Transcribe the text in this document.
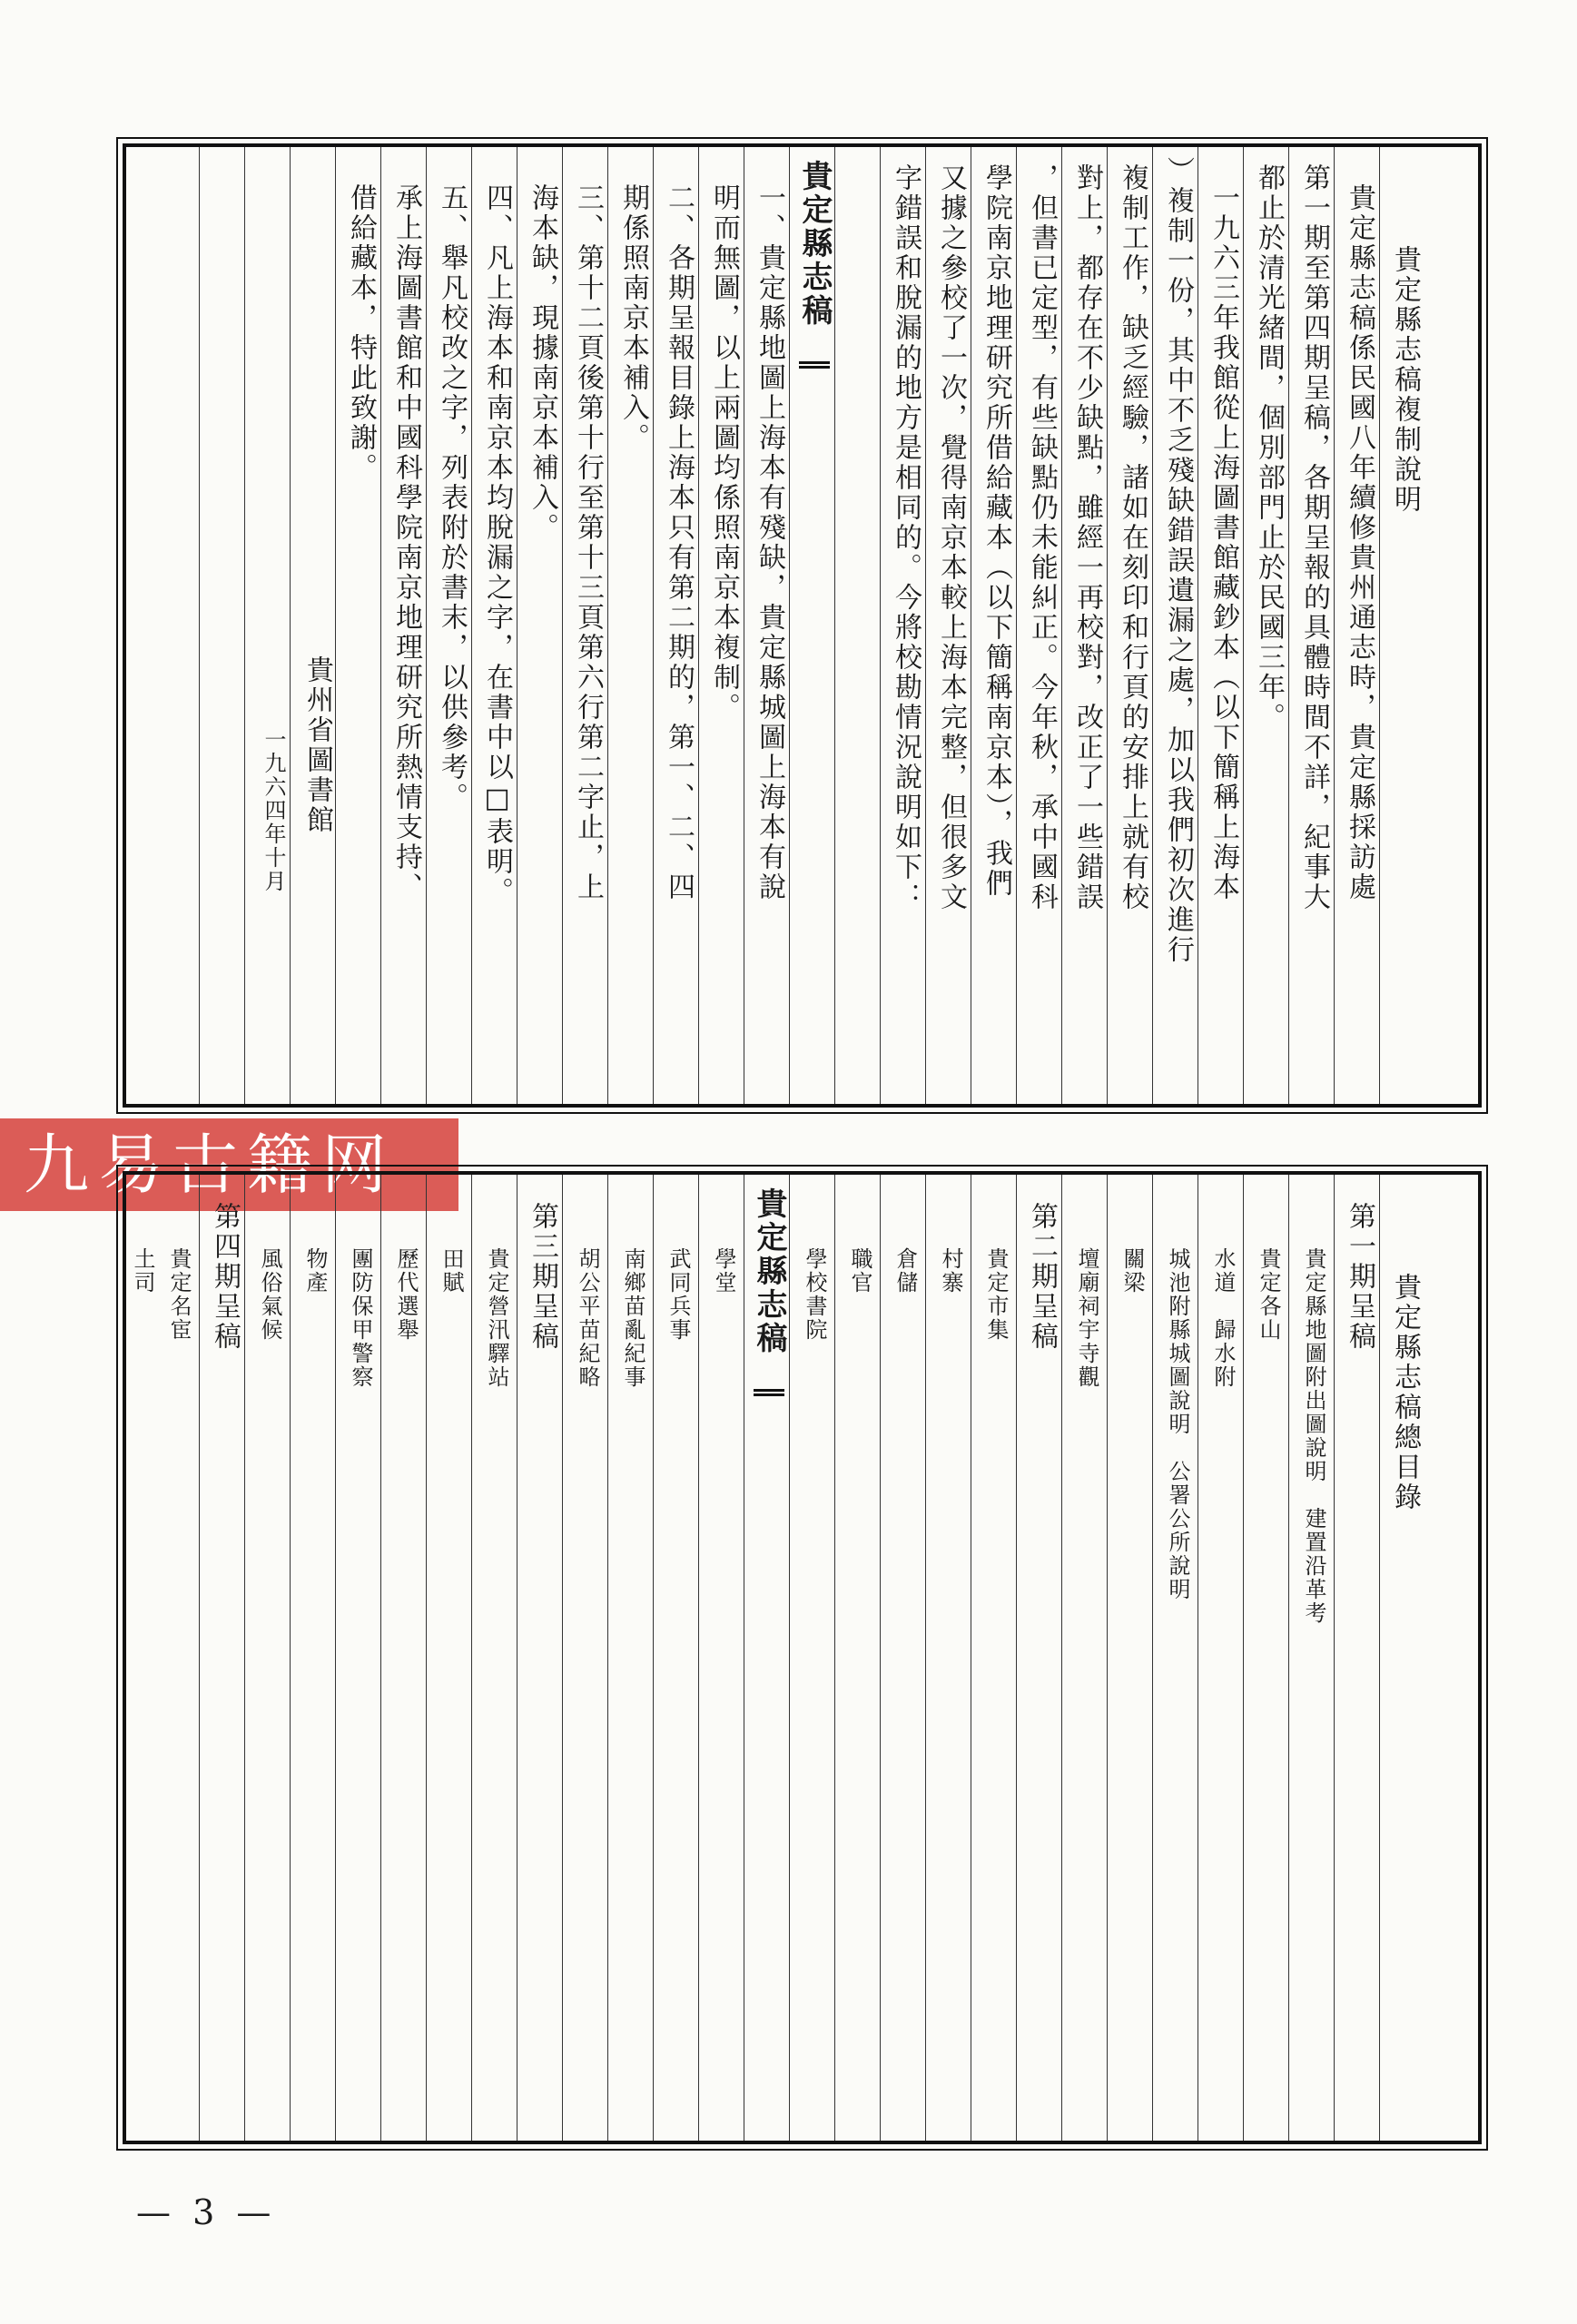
貴定縣志稿複制說明
貴定縣志稿係民國八年續修貴州通志時，貴定縣採訪處
第一期至第四期呈稿，各期呈報的具體時間不詳，紀事大
都止於清光緒間，個別部門止於民國三年。
一九六三年我館從上海圖書館藏鈔本（以下簡稱上海本
）複制一份，其中不乏殘缺錯誤遺漏之處，加以我們初次進行
複制工作，缺乏經驗，諸如在刻印和行頁的安排上就有校
對上，都存在不少缺點，雖經一再校對，改正了一些錯誤
，但書已定型，有些缺點仍未能糾正。今年秋，承中國科
學院南京地理研究所借給藏本（以下簡稱南京本），我們
又據之參校了一次，覺得南京本較上海本完整，但很多文
字錯誤和脫漏的地方是相同的。今將校勘情況說明如下：
貴定縣志稿
一、貴定縣地圖上海本有殘缺，貴定縣城圖上海本有說
明而無圖，以上兩圖均係照南京本複制。
二、各期呈報目錄上海本只有第二期的，第一、二、四
期係照南京本補入。
三、第十二頁後第十行至第十三頁第六行第二字止，上
海本缺，現據南京本補入。
四、凡上海本和南京本均脫漏之字，在書中以□表明。
五、舉凡校改之字，列表附於書末，以供參考。
承上海圖書館和中國科學院南京地理研究所熱情支持、
借給藏本，特此致謝。
貴州省圖書館
一九六四年十月
九易古籍网
貴定縣志稿總目錄
第一期呈稿
貴定縣地圖附出圖說明　建置沿革考
貴定各山
水道　歸水附
城池附縣城圖說明　公署公所說明
關梁
壇廟祠宇寺觀
第二期呈稿
貴定市集
村寨
倉儲
職官
學校書院
貴定縣志稿
學堂
武同兵事
南鄉苗亂紀事
胡公平苗紀略
第三期呈稿
貴定營汛驛站
田賦
歷代選舉
團防保甲警察
物產
風俗氣候
第四期呈稿
貴定名宦
土司
— 3 —
